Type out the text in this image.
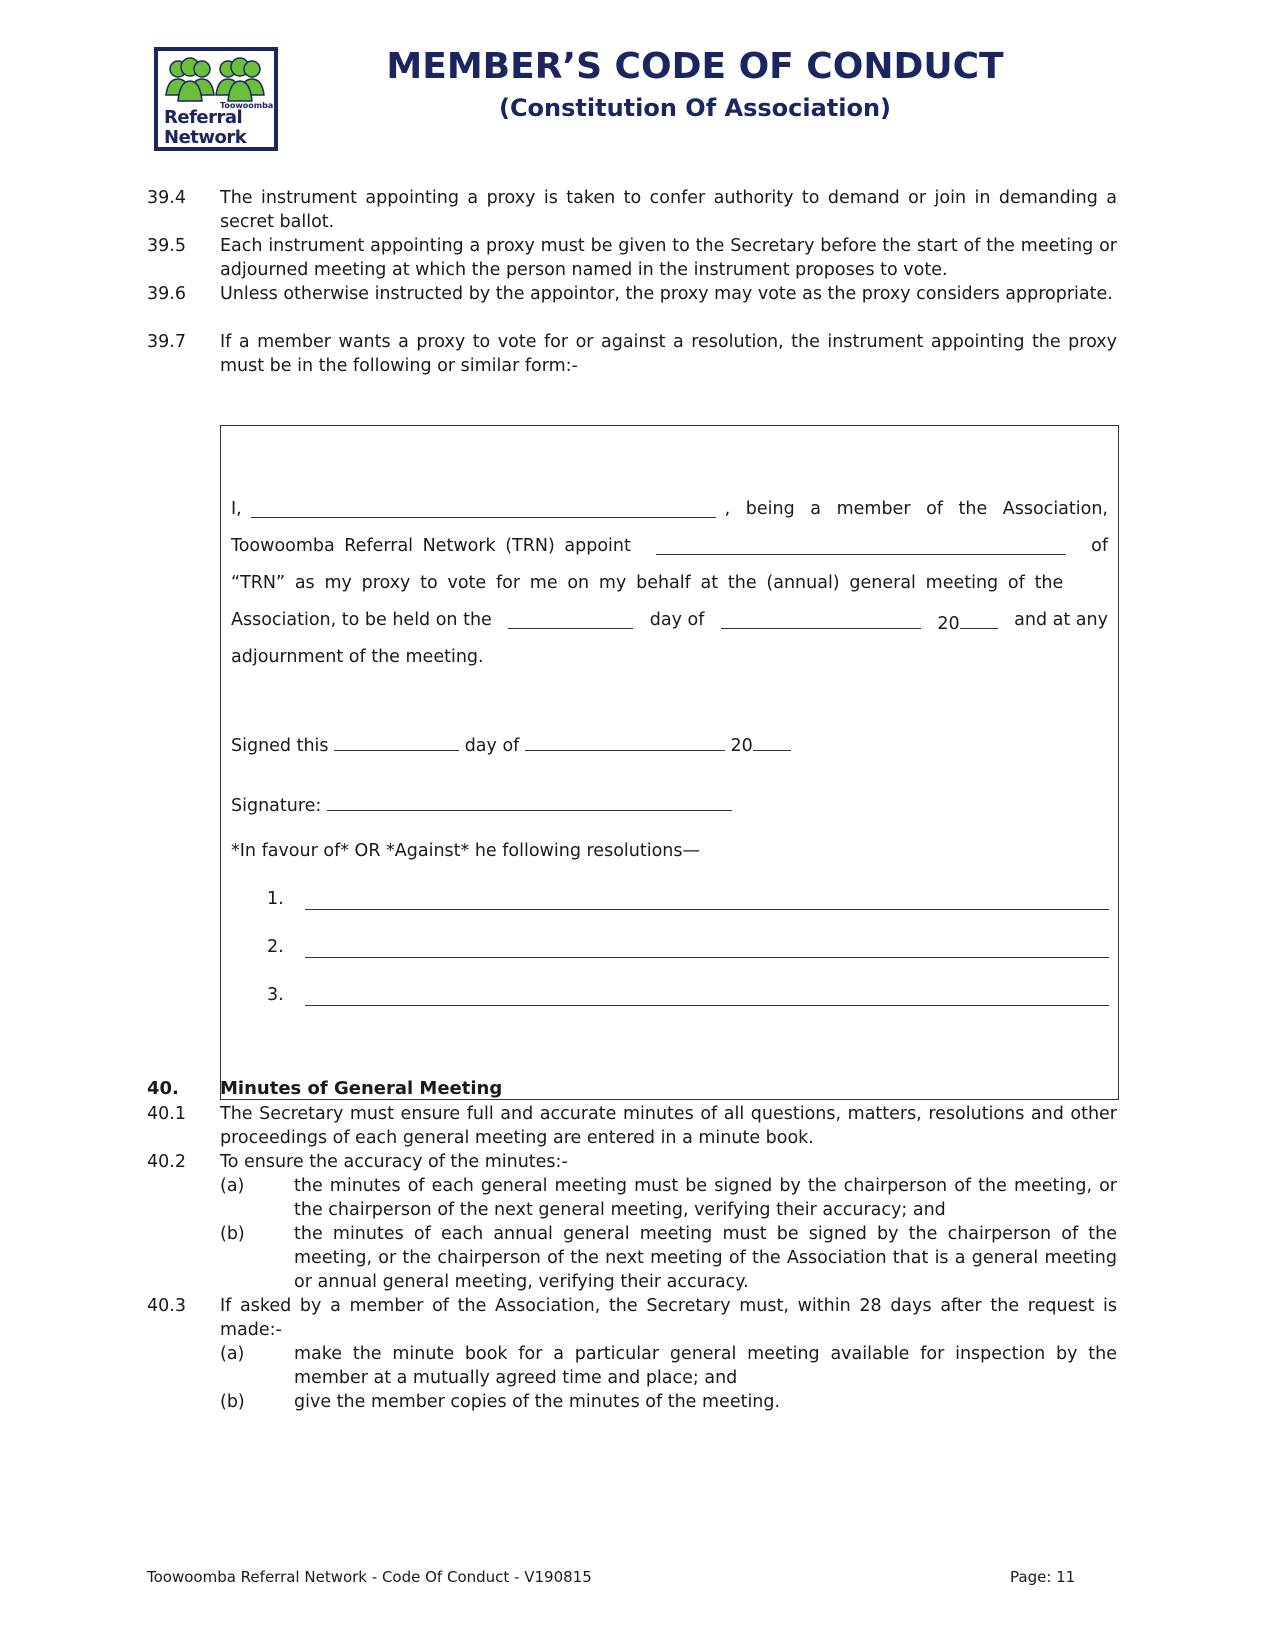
Toowoomba
Referral
Network
MEMBER’S CODE OF CONDUCT
(Constitution Of Association)
39.4 The instrument appointing a proxy is taken to confer authority to demand or join in demanding a secret ballot.
39.5 Each instrument appointing a proxy must be given to the Secretary before the start of the meeting or adjourned meeting at which the person named in the instrument proposes to vote.
39.6 Unless otherwise instructed by the appointor, the proxy may vote as the proxy considers appropriate.
39.7 If a member wants a proxy to vote for or against a resolution, the instrument appointing the proxy must be in the following or similar form:-
I,	, being a member of the Association,
Toowoomba Referral Network (TRN) appoint	of
“TRN” as my proxy to vote for me on my behalf at the (annual) general meeting of the
Association, to be held on the	day of	20	and at any
adjournment of the meeting.
Signed this	day of	20
Signature:
*In favour of* OR *Against* he following resolutions—
1.
2.
3.
40. Minutes of General Meeting
40.1 The Secretary must ensure full and accurate minutes of all questions, matters, resolutions and other proceedings of each general meeting are entered in a minute book.
40.2 To ensure the accuracy of the minutes:-
(a)	the minutes of each general meeting must be signed by the chairperson of the meeting, or the chairperson of the next general meeting, verifying their accuracy; and
(b)	the minutes of each annual general meeting must be signed by the chairperson of the meeting, or the chairperson of the next meeting of the Association that is a general meeting or annual general meeting, verifying their accuracy.
40.3 If asked by a member of the Association, the Secretary must, within 28 days after the request is made:-
(a)	make the minute book for a particular general meeting available for inspection by the member at a mutually agreed time and place; and
(b)	give the member copies of the minutes of the meeting.
Toowoomba Referral Network - Code Of Conduct - V190815	Page: 11
